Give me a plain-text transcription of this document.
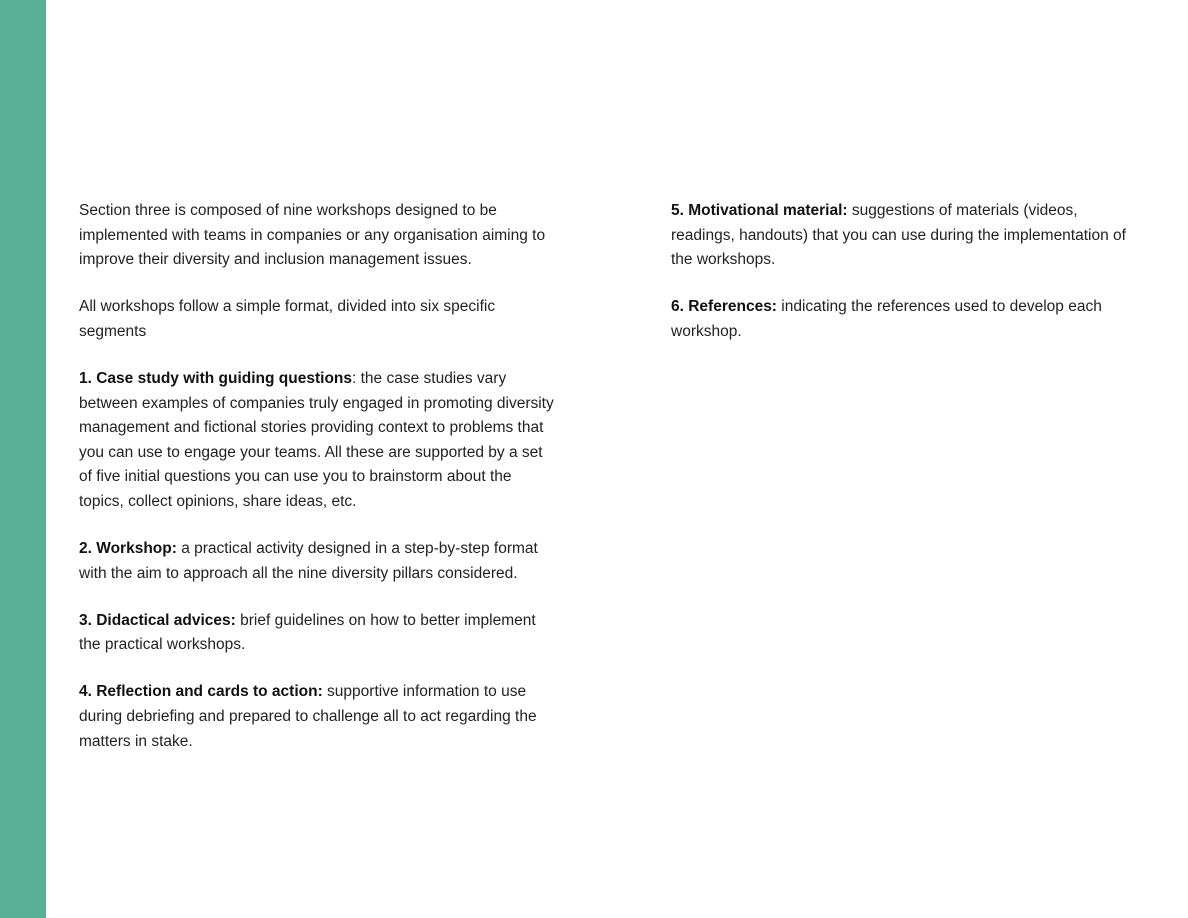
Section three is composed of nine workshops designed to be implemented with teams in companies or any organisation aiming to improve their diversity and inclusion management issues.

All workshops follow a simple format, divided into six specific segments

1. Case study with guiding questions: the case studies vary between examples of companies truly engaged in promoting diversity management and fictional stories providing context to problems that you can use to engage your teams. All these are supported by a set of five initial questions you can use you to brainstorm about the topics, collect opinions, share ideas, etc.

2. Workshop: a practical activity designed in a step-by-step format with the aim to approach all the nine diversity pillars considered.

3. Didactical advices: brief guidelines on how to better implement the practical workshops.

4. Reflection and cards to action: supportive information to use during debriefing and prepared to challenge all to act regarding the matters in stake.

5. Motivational material: suggestions of materials (videos, readings, handouts) that you can use during the implementation of the workshops.

6. References: indicating the references used to develop each workshop.
